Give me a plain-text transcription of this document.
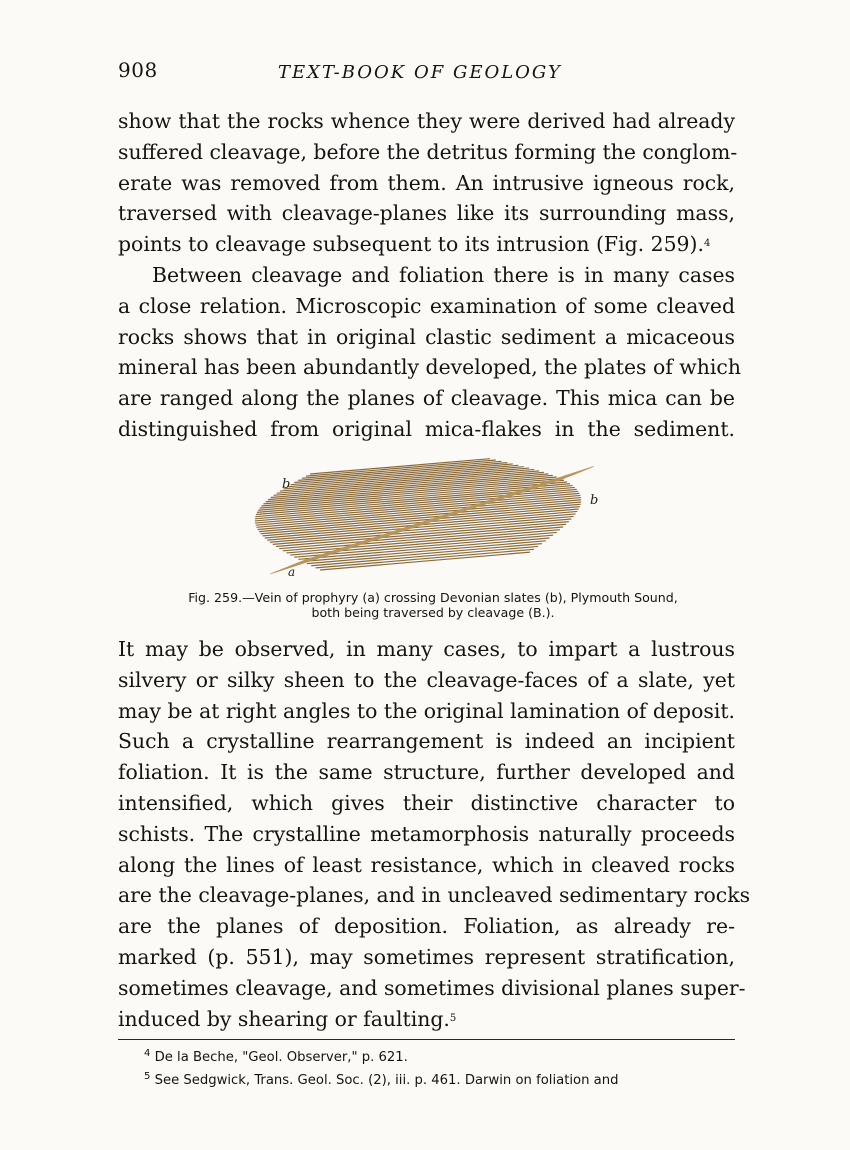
908	TEXT-BOOK OF GEOLOGY
show that the rocks whence they were derived had already
suffered cleavage, before the detritus forming the conglom-
erate was removed from them. An intrusive igneous rock,
traversed with cleavage-planes like its surrounding mass,
points to cleavage subsequent to its intrusion (Fig. 259).$^4$
Between cleavage and foliation there is in many cases
a close relation. Microscopic examination of some cleaved
rocks shows that in original clastic sediment a micaceous
mineral has been abundantly developed, the plates of which
are ranged along the planes of cleavage. This mica can be
distinguished from original mica-flakes in the sediment.
b
b
a
Fig. 259.—Vein of prophyry (a) crossing Devonian slates (b), Plymouth Sound,
both being traversed by cleavage (B.).
It may be observed, in many cases, to impart a lustrous
silvery or silky sheen to the cleavage-faces of a slate, yet
may be at right angles to the original lamination of deposit.
Such a crystalline rearrangement is indeed an incipient
foliation. It is the same structure, further developed and
intensified, which gives their distinctive character to
schists. The crystalline metamorphosis naturally proceeds
along the lines of least resistance, which in cleaved rocks
are the cleavage-planes, and in uncleaved sedimentary rocks
are the planes of deposition. Foliation, as already re-
marked (p. 551), may sometimes represent stratification,
sometimes cleavage, and sometimes divisional planes super-
induced by shearing or faulting.$^5$
$^4$ De la Beche, "Geol. Observer," p. 621.
$^5$ See Sedgwick, Trans. Geol. Soc. (2), iii. p. 461. Darwin on foliation and
